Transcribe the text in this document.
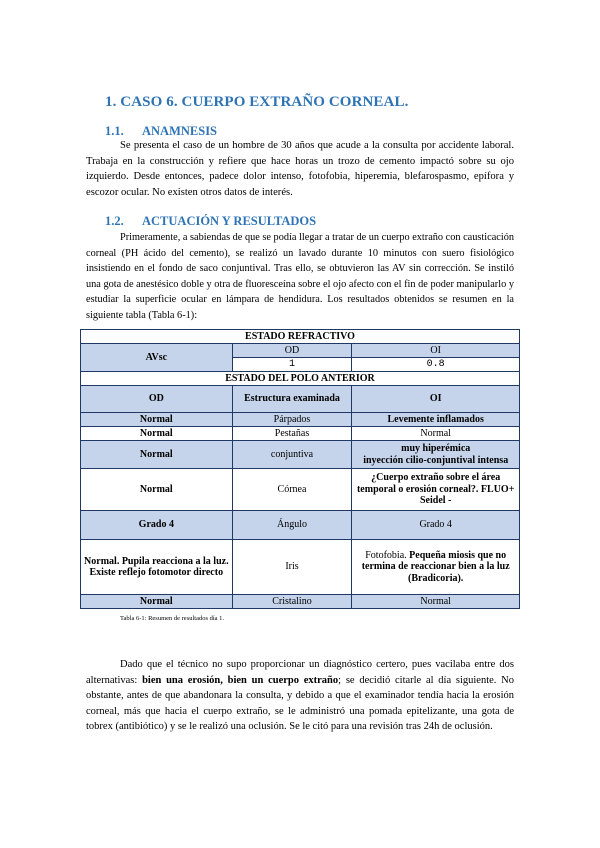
1. CASO 6. CUERPO EXTRAÑO CORNEAL.
1.1. ANAMNESIS
Se presenta el caso de un hombre de 30 años que acude a la consulta por accidente laboral. Trabaja en la construcción y refiere que hace horas un trozo de cemento impactó sobre su ojo izquierdo. Desde entonces, padece dolor intenso, fotofobia, hiperemia, blefarospasmo, epífora y escozor ocular. No existen otros datos de interés.
1.2. ACTUACIÓN Y RESULTADOS
Primeramente, a sabiendas de que se podía llegar a tratar de un cuerpo extraño con causticación corneal (PH ácido del cemento), se realizó un lavado durante 10 minutos con suero fisiológico insistiendo en el fondo de saco conjuntival. Tras ello, se obtuvieron las AV sin corrección. Se instiló una gota de anestésico doble y otra de fluoresceína sobre el ojo afecto con el fin de poder manipularlo y estudiar la superficie ocular en lámpara de hendidura. Los resultados obtenidos se resumen en la siguiente tabla (Tabla 6-1):
ESTADO REFRACTIVO		
AVsc	OD	OI
	1	0.8
ESTADO DEL POLO ANTERIOR		
OD	Estructura examinada	OI
Normal	Párpados	Levemente inflamados
Normal	Pestañas	Normal
Normal	conjuntiva	muy hiperémica
inyección cilio-conjuntival intensa

Normal	Córnea	¿Cuerpo extraño sobre el área temporal o erosión corneal?. FLUO+ Seidel -
Grado 4	Ángulo	Grado 4
Normal. Pupila reacciona a la luz. Existe reflejo fotomotor directo	Iris	Fotofobia. Pequeña miosis que no termina de reaccionar bien a la luz (Bradicoria).
Normal	Cristalino	Normal
Tabla 6-1: Resumen de resultados día 1.
Dado que el técnico no supo proporcionar un diagnóstico certero, pues vacilaba entre dos alternativas: bien una erosión, bien un cuerpo extraño; se decidió citarle al día siguiente. No obstante, antes de que abandonara la consulta, y debido a que el examinador tendía hacia la erosión corneal, más que hacia el cuerpo extraño, se le administró una pomada epitelizante, una gota de tobrex (antibiótico) y se le realizó una oclusión. Se le citó para una revisión tras 24h de oclusión.
